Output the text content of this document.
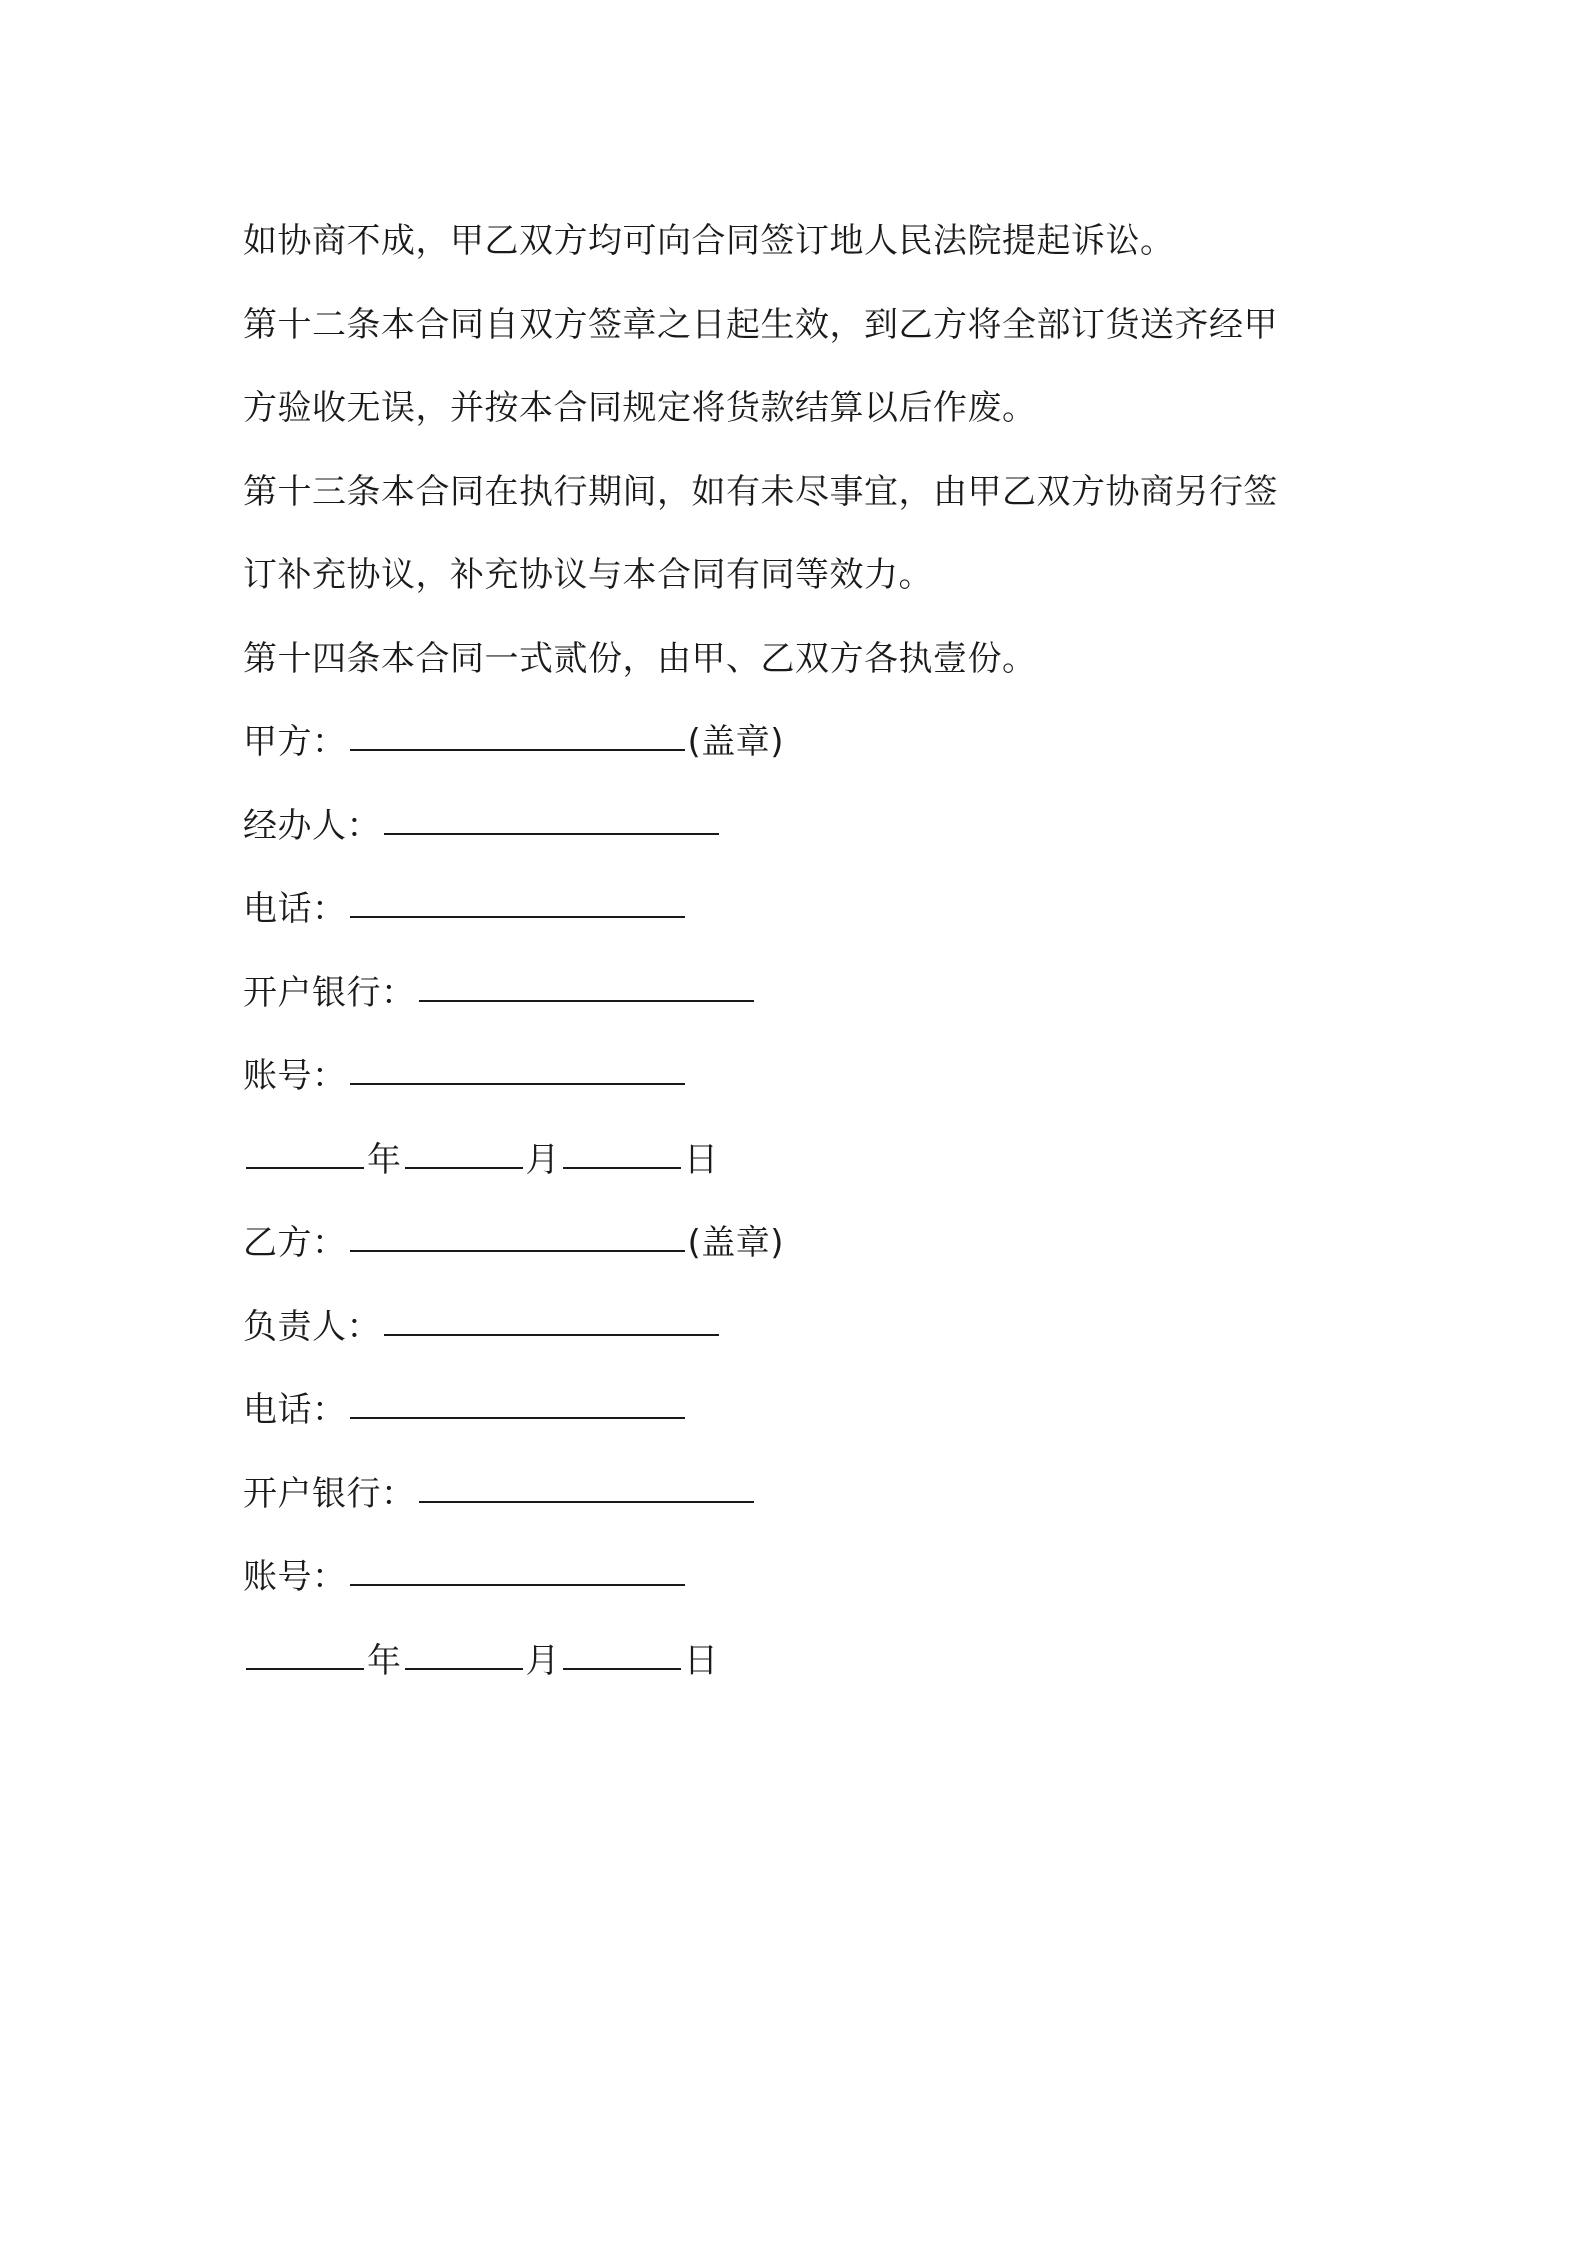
如协商不成，甲乙双方均可向合同签订地人民法院提起诉讼。
第十二条本合同自双方签章之日起生效，到乙方将全部订货送齐经甲
方验收无误，并按本合同规定将货款结算以后作废。
第十三条本合同在执行期间，如有未尽事宜，由甲乙双方协商另行签
订补充协议，补充协议与本合同有同等效力。
第十四条本合同一式贰份，由甲、乙双方各执壹份。
甲方：	(盖章)
经办人：
电话：
开户银行：
账号：
年	月	日
乙方：	(盖章)
负责人：
电话：
开户银行：
账号：
年	月	日
